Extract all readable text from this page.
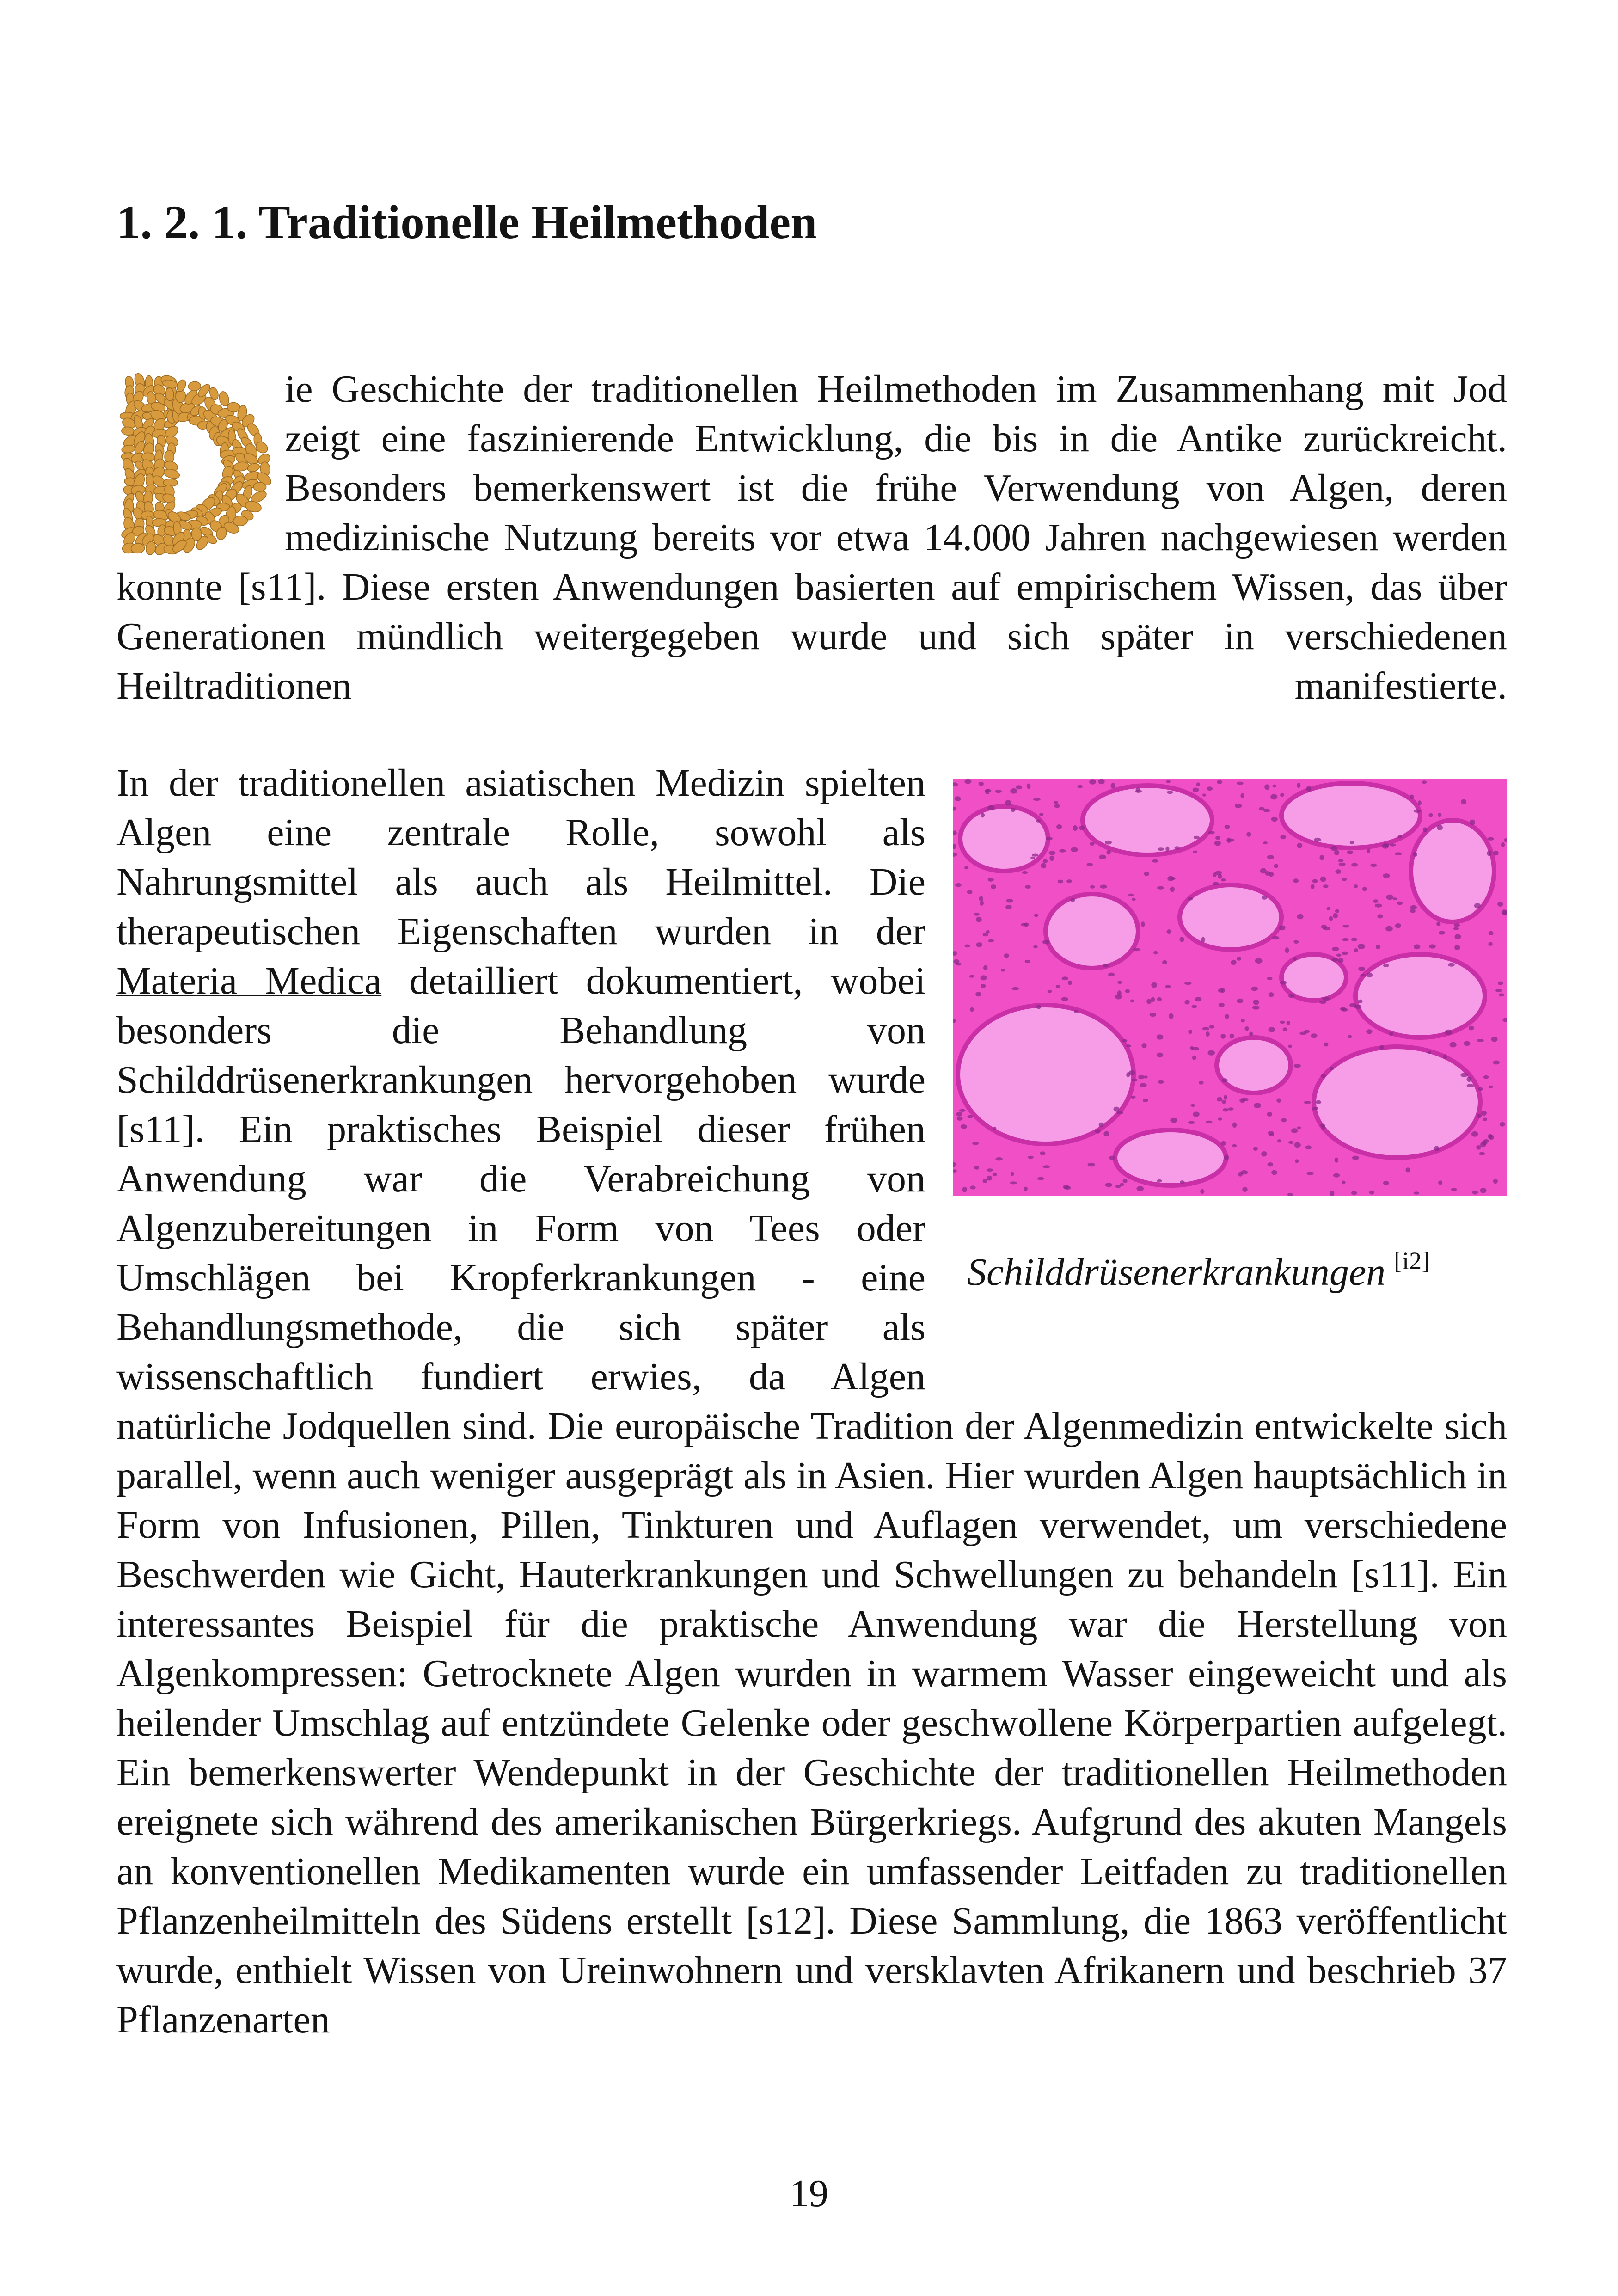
1. 2. 1. Traditionelle Heilmethoden

ie Geschichte der traditionellen Heilmethoden im Zusammenhang mit Jod zeigt eine faszinierende Entwicklung, die bis in die Antike zurückreicht. Besonders bemerkenswert ist die frühe Verwendung von Algen, deren medizinische Nutzung bereits vor etwa 14.000 Jahren nachgewiesen werden konnte [s11]. Diese ersten Anwendungen basierten auf empirischem Wissen, das über Generationen mündlich weitergegeben wurde und sich später in verschiedenen Heiltraditionen manifestierte.

Schilddrüsenerkrankungen [i2]
In der traditionellen asiatischen Medizin spielten Algen eine zentrale Rolle, sowohl als Nahrungsmittel als auch als Heilmittel. Die therapeutischen Eigenschaften wurden in der Materia Medica detailliert dokumentiert, wobei besonders die Behandlung von Schilddrüsenerkrankungen hervorgehoben wurde [s11]. Ein praktisches Beispiel dieser frühen Anwendung war die Verabreichung von Algenzubereitungen in Form von Tees oder Umschlägen bei Kropferkrankungen - eine Behandlungsmethode, die sich später als wissenschaftlich fundiert erwies, da Algen natürliche Jodquellen sind. Die europäische Tradition der Algenmedizin entwickelte sich parallel, wenn auch weniger ausgeprägt als in Asien. Hier wurden Algen hauptsächlich in Form von Infusionen, Pillen, Tinkturen und Auflagen verwendet, um verschiedene Beschwerden wie Gicht, Hauterkrankungen und Schwellungen zu behandeln [s11]. Ein interessantes Beispiel für die praktische Anwendung war die Herstellung von Algenkompressen: Getrocknete Algen wurden in warmem Wasser eingeweicht und als heilender Umschlag auf entzündete Gelenke oder geschwollene Körperpartien aufgelegt. Ein bemerkenswerter Wendepunkt in der Geschichte der traditionellen Heilmethoden ereignete sich während des amerikanischen Bürgerkriegs. Aufgrund des akuten Mangels an konventionellen Medikamenten wurde ein umfassender Leitfaden zu traditionellen Pflanzenheilmitteln des Südens erstellt [s12]. Diese Sammlung, die 1863 veröffentlicht wurde, enthielt Wissen von Ureinwohnern und versklavten Afrikanern und beschrieb 37 Pflanzenarten

19
